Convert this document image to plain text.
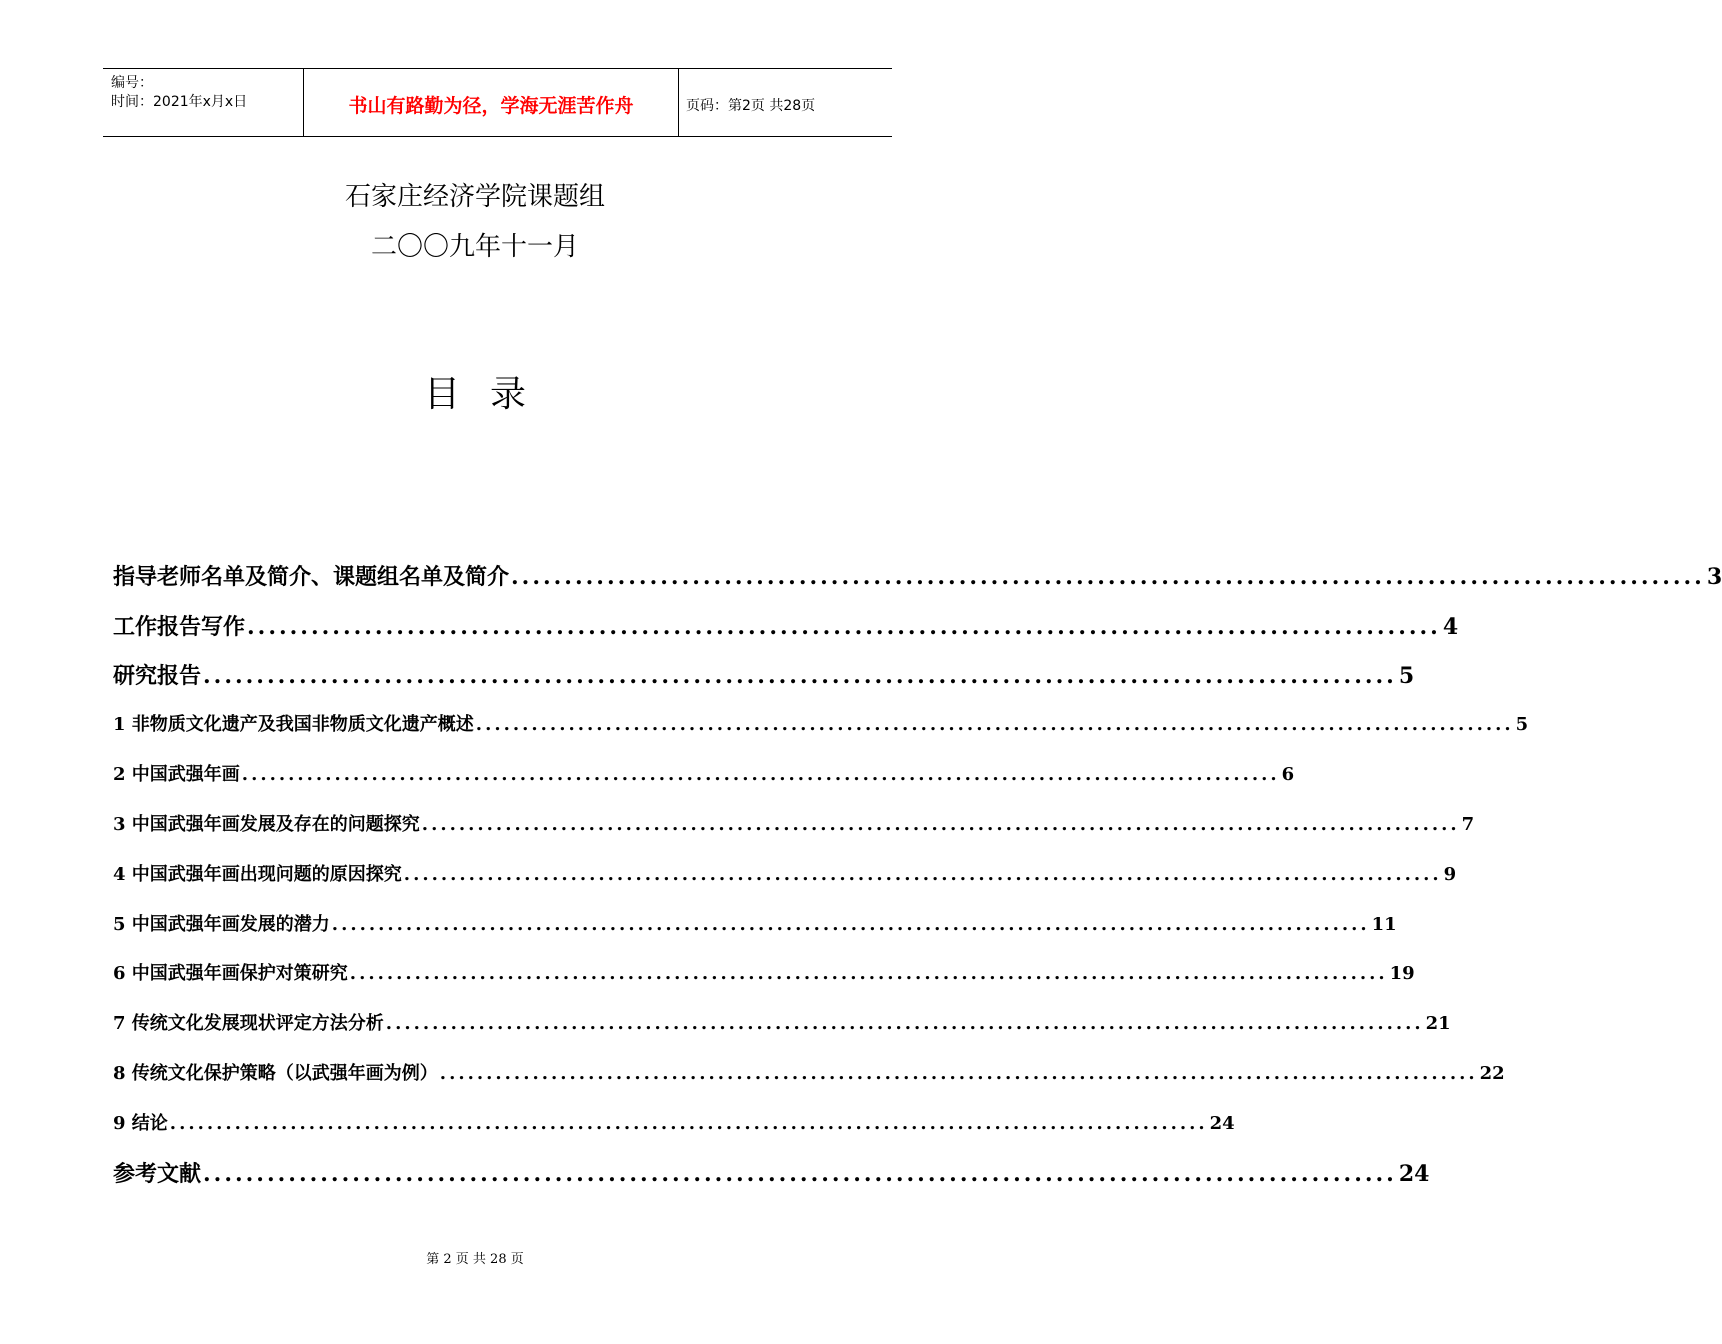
编号：
时间：2021年x月x日	书山有路勤为径，学海无涯苦作舟	页码：第2页 共28页
石家庄经济学院课题组
二〇〇九年十一月
目录
指导老师名单及简介、课题组名单及简介 ................................................................................................................ 3
工作报告写作 ................................................................................................................ 4
研究报告 ................................................................................................................ 5
1 非物质文化遗产及我国非物质文化遗产概述 ................................................................................................................ 5
2 中国武强年画 ................................................................................................................ 6
3 中国武强年画发展及存在的问题探究 ................................................................................................................ 7
4 中国武强年画出现问题的原因探究 ................................................................................................................ 9
5 中国武强年画发展的潜力 ................................................................................................................ 11
6 中国武强年画保护对策研究 ................................................................................................................ 19
7 传统文化发展现状评定方法分析 ................................................................................................................ 21
8 传统文化保护策略（以武强年画为例） ................................................................................................................ 22
9 结论 ................................................................................................................ 24
参考文献 ................................................................................................................ 24
第 2 页 共 28 页
